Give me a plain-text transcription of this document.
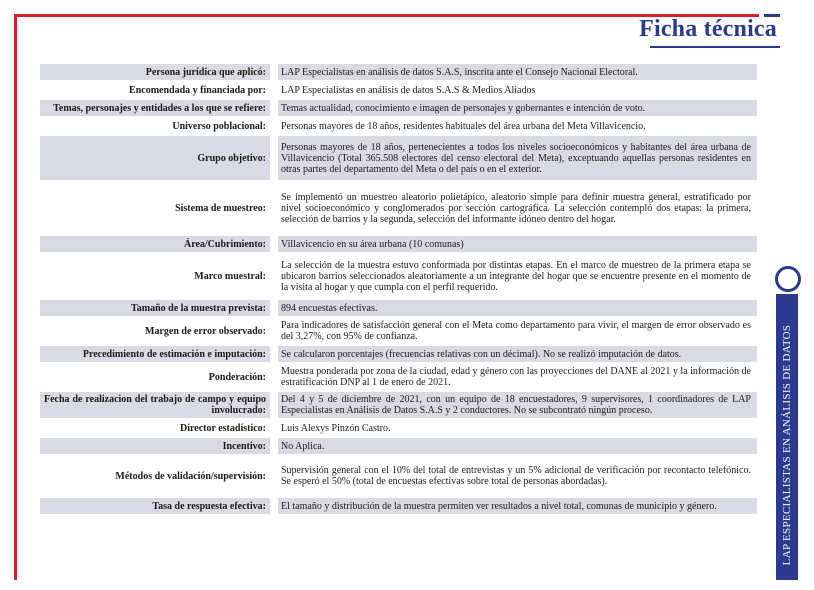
Ficha técnica
LAP ESPECIALISTAS EN ANÁLISIS DE DATOS
Persona jurídica que aplicó: LAP Especialistas en análisis de datos S.A.S, inscrita ante el Consejo Nacional Electoral.
Encomendada y financiada por: LAP Especialistas en análisis de datos S.A.S & Medios Aliados
Temas, personajes y entidades a los que se refiere: Temas actualidad, conocimiento e imagen de personajes y gobernantes e intención de voto.
Universo poblacional: Personas mayores de 18 años, residentes habituales del área urbana del Meta Villavicencio.
Grupo objetivo:
Personas mayores de 18 años, pertenecientes a todos los niveles socioeconómicos y habitantes del área urbana de Villavicencio (Total 365.508 electores del censo electoral del Meta), exceptuando aquellas personas residentes en otras partes del departamento del Meta o del país o en el exterior.
Sistema de muestreo:
Se implementó un muestreo aleatorio polietápico, aleatorio simple para definir muestra general, estratificado por nivel socioeconómico y conglomerados por sección cartográfica. La selección contempló dos etapas: la primera, selección de barrios y la segunda, selección del informante idóneo dentro del hogar.
Área/Cubrimiento: Villavicencio en su área urbana (10 comunas)
Marco muestral:
La selección de la muestra estuvo conformada por distintas etapas. En el marco de muestreo de la primera etapa se ubicaron barrios seleccionados aleatoriamente a un integrante del hogar que se encuentre presente en el momento de la visita al hogar y que cumpla con el perfil requerido.
Tamaño de la muestra prevista: 894 encuestas efectivas.
Margen de error observado: Para indicadores de satisfacción general con el Meta como departamento para vivir, el margen de error observado es del 3,27%, con 95% de confianza.
Precedimiento de estimación e imputación: Se calcularon porcentajes (frecuencias relativas con un décimal). No se realizó imputación de datos.
Ponderación: Muestra ponderada por zona de la ciudad, edad y género con las proyecciones del DANE al 2021 y la información de estratificación DNP al 1 de enero de 2021.
Fecha de realizacion del trabajo de campo y equipo involucrado:
Del 4 y 5 de diciembre de 2021, con un equipo de 18 encuestadores, 9 supervisores, 1 coordinadores de LAP Especialistas en Análisis de Datos S.A.S y 2 conductores. No se subcontrató ningún proceso.
Director estadístico: Luis Alexys Pinzón Castro.
Incentivo: No Aplica.
Métodos de validación/supervisión: Supervisión general con el 10% del total de entrevistas y un 5% adicional de verificación por recontacto telefónico. Se esperó el 50% (total de encuestas efectivas sobre total de personas abordadas).
Tasa de respuesta efectiva: El tamaño y distribución de la muestra permiten ver resultados a nivel total, comunas de municipio y género.
